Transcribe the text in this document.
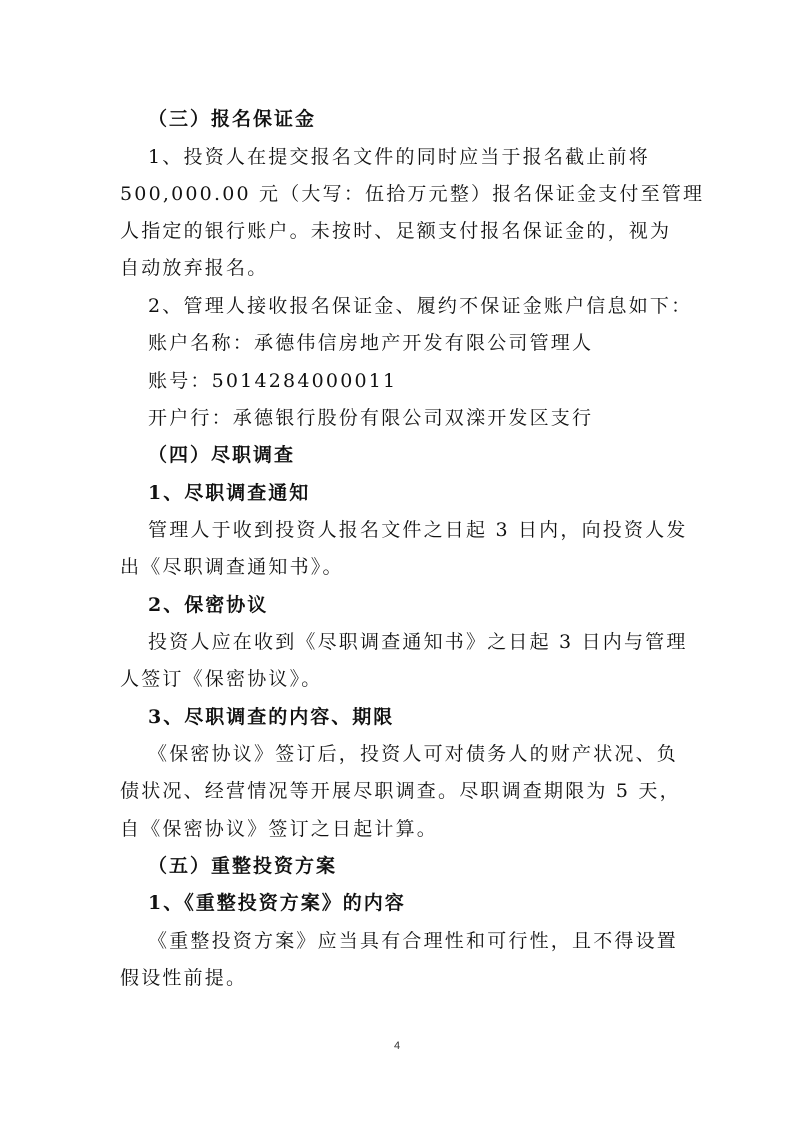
（三）报名保证金
1、投资人在提交报名文件的同时应当于报名截止前将
500,000.00 元（大写：伍拾万元整）报名保证金支付至管理
人指定的银行账户。未按时、足额支付报名保证金的，视为
自动放弃报名。
2、管理人接收报名保证金、履约不保证金账户信息如下：
账户名称：承德伟信房地产开发有限公司管理人
账号：5014284000011
开户行：承德银行股份有限公司双滦开发区支行
（四）尽职调查
1、尽职调查通知
管理人于收到投资人报名文件之日起 3 日内，向投资人发
出《尽职调查通知书》。
2、保密协议
投资人应在收到《尽职调查通知书》之日起 3 日内与管理
人签订《保密协议》。
3、尽职调查的内容、期限
《保密协议》签订后，投资人可对债务人的财产状况、负
债状况、经营情况等开展尽职调查。尽职调查期限为 5 天，
自《保密协议》签订之日起计算。
（五）重整投资方案
1、《重整投资方案》的内容
《重整投资方案》应当具有合理性和可行性，且不得设置
假设性前提。
4
